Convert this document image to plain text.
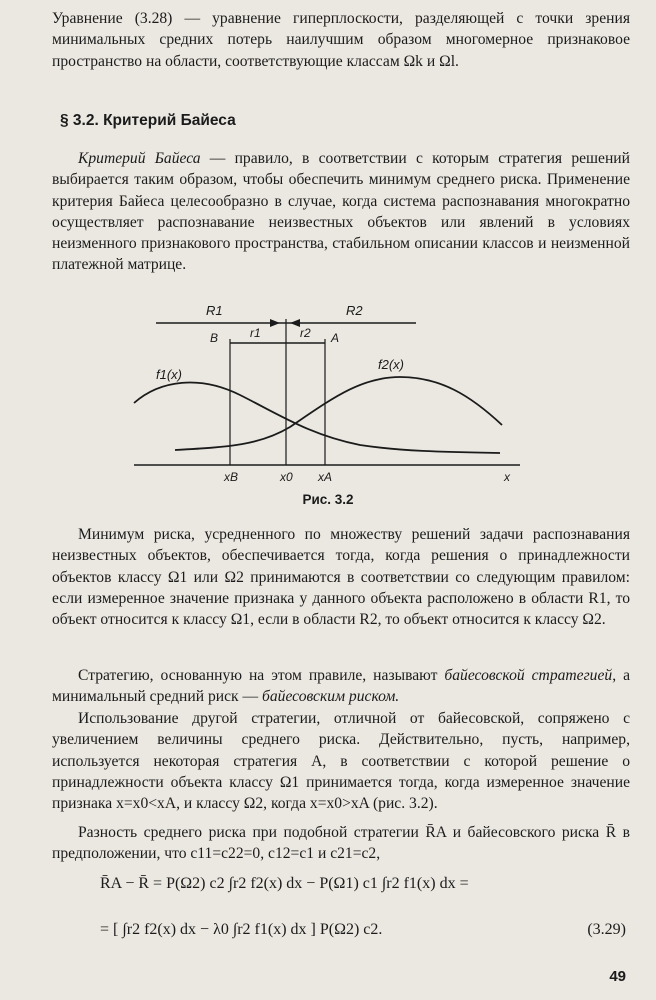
Уравнение (3.28) — уравнение гиперплоскости, разделяющей с точки зрения минимальных средних потерь наилучшим образом многомерное признаковое пространство на области, соответствующие классам Ωk и Ωl.

§ 3.2. Критерий Байеса

Критерий Байеса — правило, в соответствии с которым стратегия решений выбирается таким образом, чтобы обеспечить минимум среднего риска. Применение критерия Байеса целесообразно в случае, когда система распознавания многократно осуществляет распознавание неизвестных объектов или явлений в условиях неизменного признакового пространства, стабильном описании классов и неизменной платежной матрице.

R1	R2
B	A
r1	r2
f1(x)
f2(x)
xB	x0 xA	x
Рис. 3.2

Минимум риска, усредненного по множеству решений задачи распознавания неизвестных объектов, обеспечивается тогда, когда решения о принадлежности объектов классу Ω1 или Ω2 принимаются в соответствии со следующим правилом: если измеренное значение признака у данного объекта расположено в области R1, то объект относится к классу Ω1, если в области R2, то объект относится к классу Ω2.

Стратегию, основанную на этом правиле, называют байесовской стратегией, а минимальный средний риск — байесовским риском.

Использование другой стратегии, отличной от байесовской, сопряжено с увеличением величины среднего риска. Действительно, пусть, например, используется некоторая стратегия A, в соответствии с которой решение о принадлежности объекта классу Ω1 принимается тогда, когда измеренное значение признака x=x0<xA, и классу Ω2, когда x=x0>xA (рис. 3.2).

Разность среднего риска при подобной стратегии R̄A и байесовского риска R̄ в предположении, что c11=c22=0, c12=c1 и c21=c2,

R̄A − R̄ = P(Ω2) c2 ∫r2 f2(x) dx − P(Ω1) c1 ∫r2 f1(x) dx =
= [ ∫r2 f2(x) dx − λ0 ∫r2 f1(x) dx ] P(Ω2) c2.	(3.29)
49
